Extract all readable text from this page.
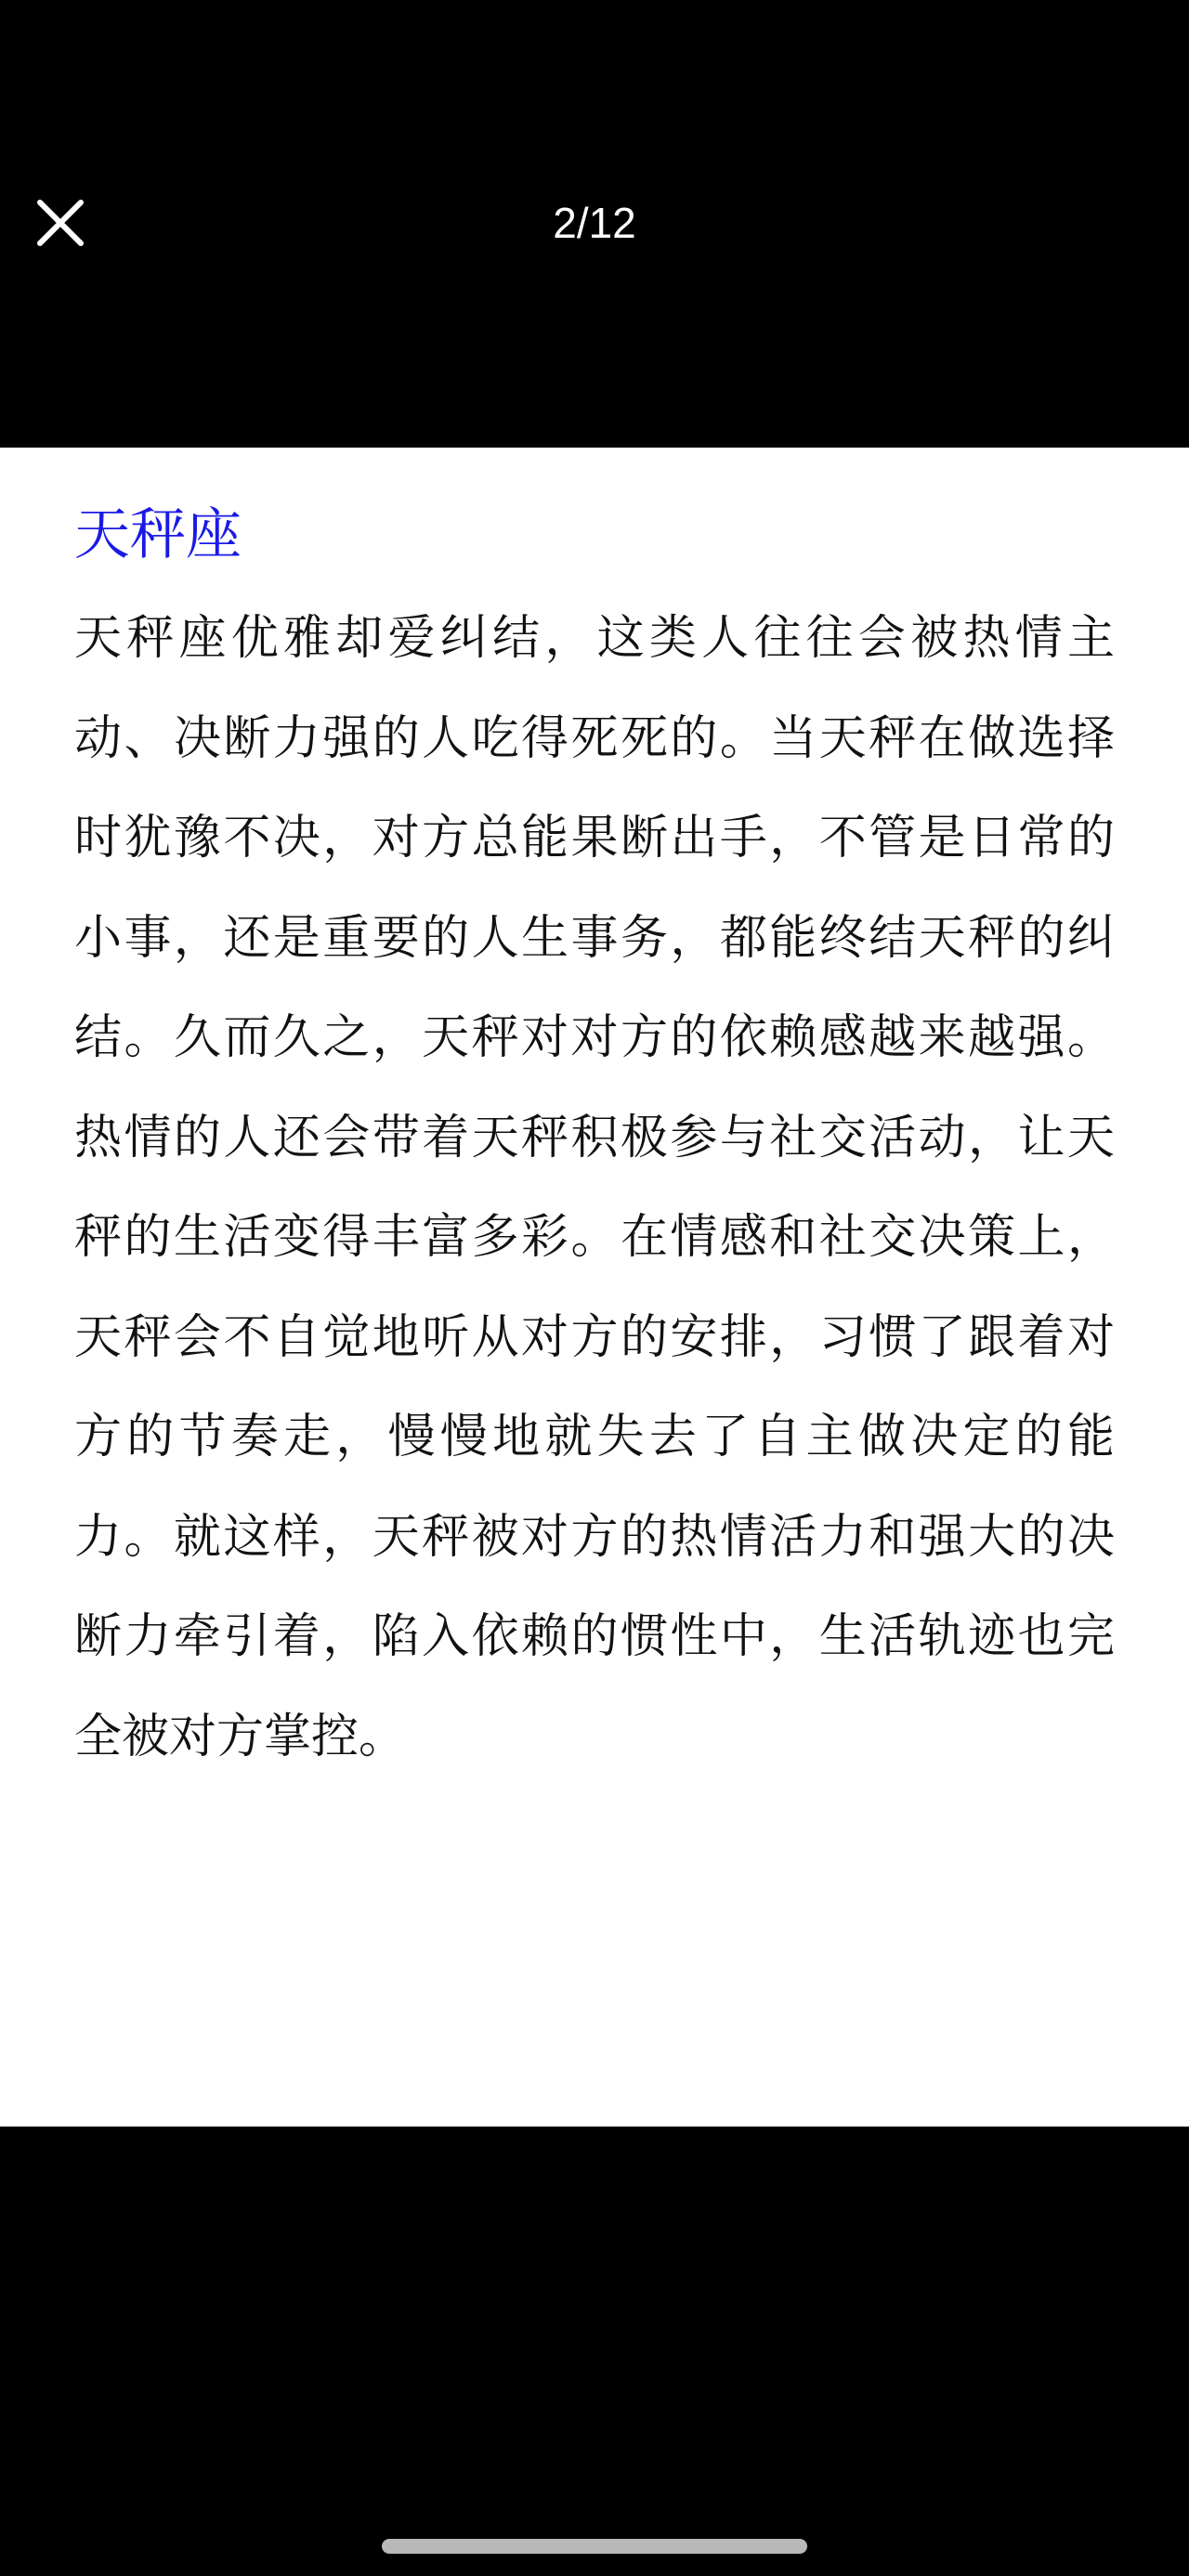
2/12
天秤座

天秤座优雅却爱纠结，这类人往往会被热情主动、决断力强的人吃得死死的。当天秤在做选择时犹豫不决，对方总能果断出手，不管是日常的小事，还是重要的人生事务，都能终结天秤的纠结。久而久之，天秤对对方的依赖感越来越强。热情的人还会带着天秤积极参与社交活动，让天秤的生活变得丰富多彩。在情感和社交决策上，天秤会不自觉地听从对方的安排，习惯了跟着对方的节奏走，慢慢地就失去了自主做决定的能力。就这样，天秤被对方的热情活力和强大的决断力牵引着，陷入依赖的惯性中，生活轨迹也完全被对方掌控。
